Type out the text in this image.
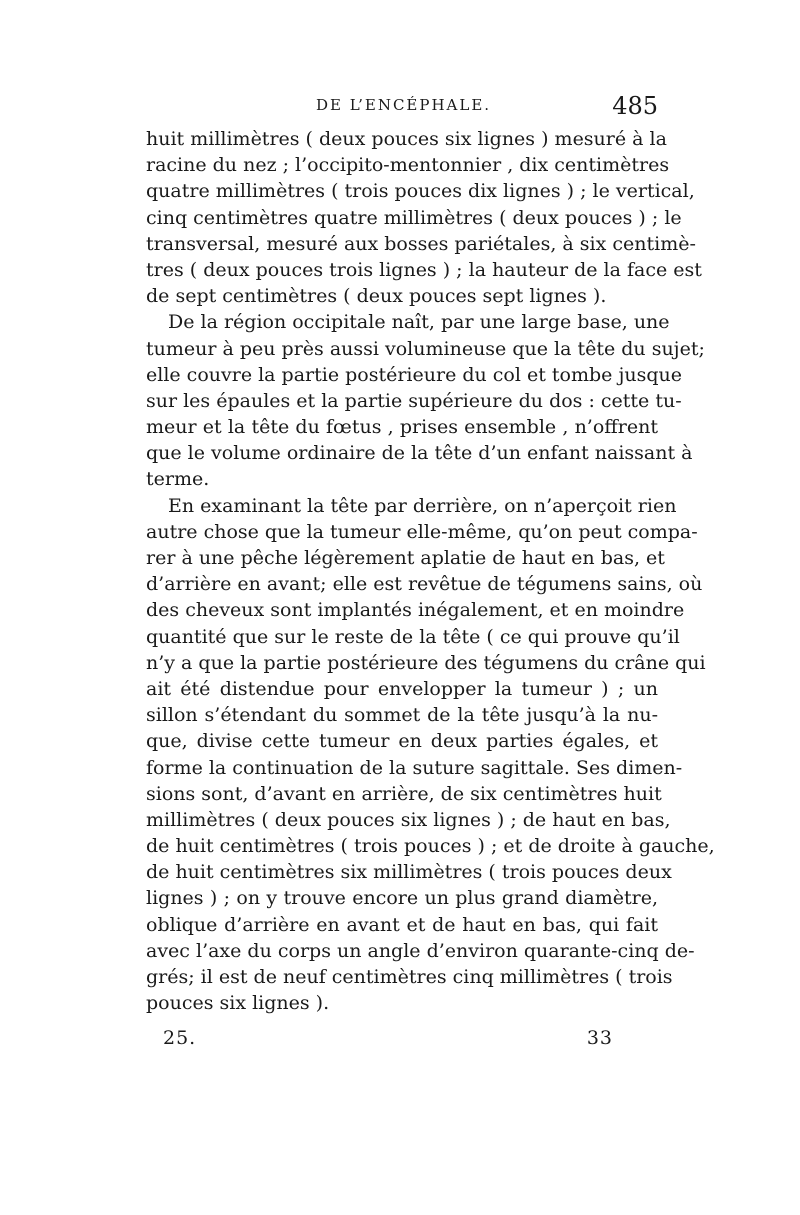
DE L’ENCÉPHALE.	485
huit millimètres ( deux pouces six lignes ) mesuré à la
racine du nez ; l’occipito-mentonnier , dix centimètres
quatre millimètres ( trois pouces dix lignes ) ; le vertical,
cinq centimètres quatre millimètres ( deux pouces ) ; le
transversal, mesuré aux bosses pariétales, à six centimè-
tres ( deux pouces trois lignes ) ; la hauteur de la face est
de sept centimètres ( deux pouces sept lignes ).
De la région occipitale naît, par une large base, une
tumeur à peu près aussi volumineuse que la tête du sujet;
elle couvre la partie postérieure du col et tombe jusque
sur les épaules et la partie supérieure du dos : cette tu-
meur et la tête du fœtus , prises ensemble , n’offrent
que le volume ordinaire de la tête d’un enfant naissant à
terme.
En examinant la tête par derrière, on n’aperçoit rien
autre chose que la tumeur elle-même, qu’on peut compa-
rer à une pêche légèrement aplatie de haut en bas, et
d’arrière en avant; elle est revêtue de tégumens sains, où
des cheveux sont implantés inégalement, et en moindre
quantité que sur le reste de la tête ( ce qui prouve qu’il
n’y a que la partie postérieure des tégumens du crâne qui
ait été distendue pour envelopper la tumeur ) ; un
sillon s’étendant du sommet de la tête jusqu’à la nu-
que, divise cette tumeur en deux parties égales, et
forme la continuation de la suture sagittale. Ses dimen-
sions sont, d’avant en arrière, de six centimètres huit
millimètres ( deux pouces six lignes ) ; de haut en bas,
de huit centimètres ( trois pouces ) ; et de droite à gauche,
de huit centimètres six millimètres ( trois pouces deux
lignes ) ; on y trouve encore un plus grand diamètre,
oblique d’arrière en avant et de haut en bas, qui fait
avec l’axe du corps un angle d’environ quarante-cinq de-
grés; il est de neuf centimètres cinq millimètres ( trois
pouces six lignes ).
25.	33
